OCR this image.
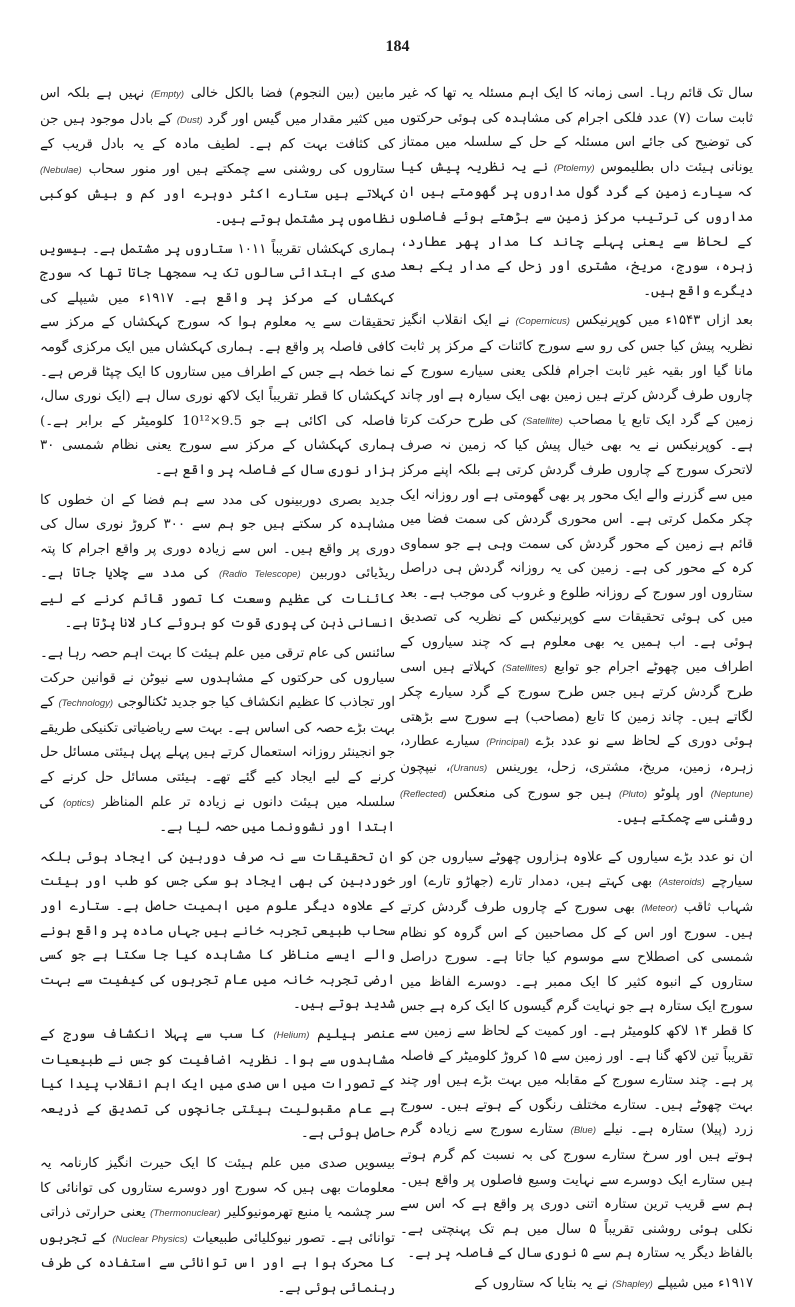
184

سال تک قائم رہا۔ اسی زمانہ کا ایک اہم مسئلہ یہ تھا کہ غیر ثابت سات (۷) عدد فلکی اجرام کی مشاہدہ کی ہوئی حرکتوں کی توضیح کی جائے اس مسئلہ کے حل کے سلسلہ میں ممتاز یونانی ہیئت داں بطلیموس (Ptolemy) نے یہ نظریہ پیش کیا کہ سیارے زمین کے گرد گول مداروں پر گھومتے ہیں ان مداروں کی ترتیب مرکز زمین سے بڑھتے ہوئے فاصلوں کے لحاظ سے یعنی پہلے چاند کا مدار پھر عطارد، زہرہ، سورج، مریخ، مشتری اور زحل کے مدار یکے بعد دیگرے واقع ہیں۔

بعد ازاں ۱۵۴۳ء میں کوپرنیکس (Copernicus) نے ایک انقلاب انگیز نظریہ پیش کیا جس کی رو سے سورج کائنات کے مرکز پر ثابت مانا گیا اور بقیہ غیر ثابت اجرام فلکی یعنی سیارے سورج کے چاروں طرف گردش کرتے ہیں زمین بھی ایک سیارہ ہے اور چاند زمین کے گرد ایک تابع یا مصاحب (Satellite) کی طرح حرکت کرتا ہے۔ کوپرنیکس نے یہ بھی خیال پیش کیا کہ زمین نہ صرف لاتحرک سورج کے چاروں طرف گردش کرتی ہے بلکہ اپنے مرکز میں سے گزرنے والے ایک محور پر بھی گھومتی ہے اور روزانہ ایک چکر مکمل کرتی ہے۔ اس محوری گردش کی سمت فضا میں قائم ہے زمین کے محور گردش کی سمت وہی ہے جو سماوی کرہ کے محور کی ہے۔ زمین کی یہ روزانہ گردش ہی دراصل ستاروں اور سورج کے روزانہ طلوع و غروب کی موجب ہے۔ بعد میں کی ہوئی تحقیقات سے کوپرنیکس کے نظریہ کی تصدیق ہوئی ہے۔ اب ہمیں یہ بھی معلوم ہے کہ چند سیاروں کے اطراف میں چھوٹے اجرام جو توابع (Satellites) کہلاتے ہیں اسی طرح گردش کرتے ہیں جس طرح سورج کے گرد سیارے چکر لگاتے ہیں۔ چاند زمین کا تابع (مصاحب) ہے سورج سے بڑھتی ہوئی دوری کے لحاظ سے نو عدد بڑے (Principal) سیارے عطارد، زہرہ، زمین، مریخ، مشتری، زحل، یورینس (Uranus)، نیپچون (Neptune) اور پلوٹو (Pluto) ہیں جو سورج کی منعکس (Reflected) روشنی سے چمکتے ہیں۔

ان نو عدد بڑے سیاروں کے علاوہ ہزاروں چھوٹے سیاروں جن کو سیارچے (Asteroids) بھی کہتے ہیں، دمدار تارے (جھاڑو تارے) اور شہاب ثاقب (Meteor) بھی سورج کے چاروں طرف گردش کرتے ہیں۔ سورج اور اس کے کل مصاحبین کے اس گروہ کو نظام شمسی کی اصطلاح سے موسوم کیا جاتا ہے۔ سورج دراصل ستاروں کے انبوہ کثیر کا ایک ممبر ہے۔ دوسرے الفاظ میں سورج ایک ستارہ ہے جو نہایت گرم گیسوں کا ایک کرہ ہے جس کا قطر ۱۴ لاکھ کلومیٹر ہے۔ اور کمیت کے لحاظ سے زمین سے تقریباً تین لاکھ گنا ہے۔ اور زمین سے ۱۵ کروڑ کلومیٹر کے فاصلہ پر ہے۔ چند ستارے سورج کے مقابلہ میں بہت بڑے ہیں اور چند بہت چھوٹے ہیں۔ ستارے مختلف رنگوں کے ہوتے ہیں۔ سورج زرد (پیلا) ستارہ ہے۔ نیلے (Blue) ستارے سورج سے زیادہ گرم ہوتے ہیں اور سرخ ستارے سورج کی بہ نسبت کم گرم ہوتے ہیں ستارے ایک دوسرے سے نہایت وسیع فاصلوں پر واقع ہیں۔ ہم سے قریب ترین ستارہ اتنی دوری پر واقع ہے کہ اس سے نکلی ہوئی روشنی تقریباً ۵ سال میں ہم تک پہنچتی ہے۔ بالفاظ دیگر یہ ستارہ ہم سے ۵ نوری سال کے فاصلہ پر ہے۔

۱۹۱۷ء میں شیپلے (Shapley) نے یہ بتایا کہ ستاروں کے

مابین (بین النجوم) فضا بالکل خالی (Empty) نہیں ہے بلکہ اس میں کثیر مقدار میں گیس اور گرد (Dust) کے بادل موجود ہیں جن کی کثافت بہت کم ہے۔ لطیف مادہ کے یہ بادل قریب کے ستاروں کی روشنی سے چمکتے ہیں اور منور سحاب (Nebulae) کہلاتے ہیں ستارے اکثر دوہرے اور کم و بیش کوکبی نظاموں پر مشتمل ہوتے ہیں۔

ہماری کہکشاں تقریباً ۱۰۱۱ ستاروں پر مشتمل ہے۔ بیسویں صدی کے ابتدائی سالوں تک یہ سمجھا جاتا تھا کہ سورج کہکشاں کے مرکز پر واقع ہے۔ ۱۹۱۷ء میں شیپلے کی تحقیقات سے یہ معلوم ہوا کہ سورج کہکشاں کے مرکز سے کافی فاصلہ پر واقع ہے۔ ہماری کہکشاں میں ایک مرکزی گومہ نما خطہ ہے جس کے اطراف میں ستاروں کا ایک چپٹا قرص ہے۔ کہکشاں کا قطر تقریباً ایک لاکھ نوری سال ہے (ایک نوری سال، فاصلہ کی اکائی ہے جو 9.5×10¹² کلومیٹر کے برابر ہے۔) ہماری کہکشاں کے مرکز سے سورج یعنی نظام شمسی ۳۰ ہزار نوری سال کے فاصلہ پر واقع ہے۔

جدید بصری دوربینوں کی مدد سے ہم فضا کے ان خطوں کا مشاہدہ کر سکتے ہیں جو ہم سے ۳۰۰ کروڑ نوری سال کی دوری پر واقع ہیں۔ اس سے زیادہ دوری پر واقع اجرام کا پتہ ریڈیائی دوربین (Radio Telescope) کی مدد سے چلایا جاتا ہے۔ کائنات کی عظیم وسعت کا تصور قائم کرنے کے لیے انسانی ذہن کی پوری قوت کو بروئے کار لانا پڑتا ہے۔

سائنس کی عام ترقی میں علم ہیئت کا بہت اہم حصہ رہا ہے۔ سیاروں کی حرکتوں کے مشاہدوں سے نیوٹن نے قوانین حرکت اور تجاذب کا عظیم انکشاف کیا جو جدید ٹکنالوجی (Technology) کے بہت بڑے حصہ کی اساس ہے۔ بہت سے ریاضیاتی تکنیکی طریقے جو انجینئر روزانہ استعمال کرتے ہیں پہلے پہل ہیئتی مسائل حل کرنے کے لیے ایجاد کیے گئے تھے۔ ہیئتی مسائل حل کرنے کے سلسلہ میں ہیئت دانوں نے زیادہ تر علم المناظر (optics) کی ابتدا اور نشوونما میں حصہ لیا ہے۔

ان تحقیقات سے نہ صرف دوربین کی ایجاد ہوئی بلکہ خوردبین کی بھی ایجاد ہو سکی جس کو طب اور ہیئت کے علاوہ دیگر علوم میں اہمیت حاصل ہے۔ ستارے اور سحاب طبیعی تجربہ خانے ہیں جہاں مادہ پر واقع ہونے والے ایسے مناظر کا مشاہدہ کیا جا سکتا ہے جو کسی ارضی تجربہ خانہ میں عام تجربوں کی کیفیت سے بہت شدید ہوتے ہیں۔

عنصر ہیلیم (Helium) کا سب سے پہلا انکشاف سورج کے مشاہدوں سے ہوا۔ نظریہ اضافیت کو جس نے طبیعیات کے تصورات میں اس صدی میں ایک اہم انقلاب پیدا کیا ہے عام مقبولیت ہیئتی جانچوں کی تصدیق کے ذریعہ حاصل ہوئی ہے۔

بیسویں صدی میں علم ہیئت کا ایک حیرت انگیز کارنامہ یہ معلومات بھی ہیں کہ سورج اور دوسرے ستاروں کی توانائی کا سر چشمہ یا منبع تھرمونیوکلیر (Thermonuclear) یعنی حرارتی ذراتی توانائی ہے۔ تصور نیوکلیائی طبیعیات (Nuclear Physics) کے تجربوں کا محرک ہوا ہے اور اس توانائی سے استفادہ کی طرف رہنمائی ہوئی ہے۔
